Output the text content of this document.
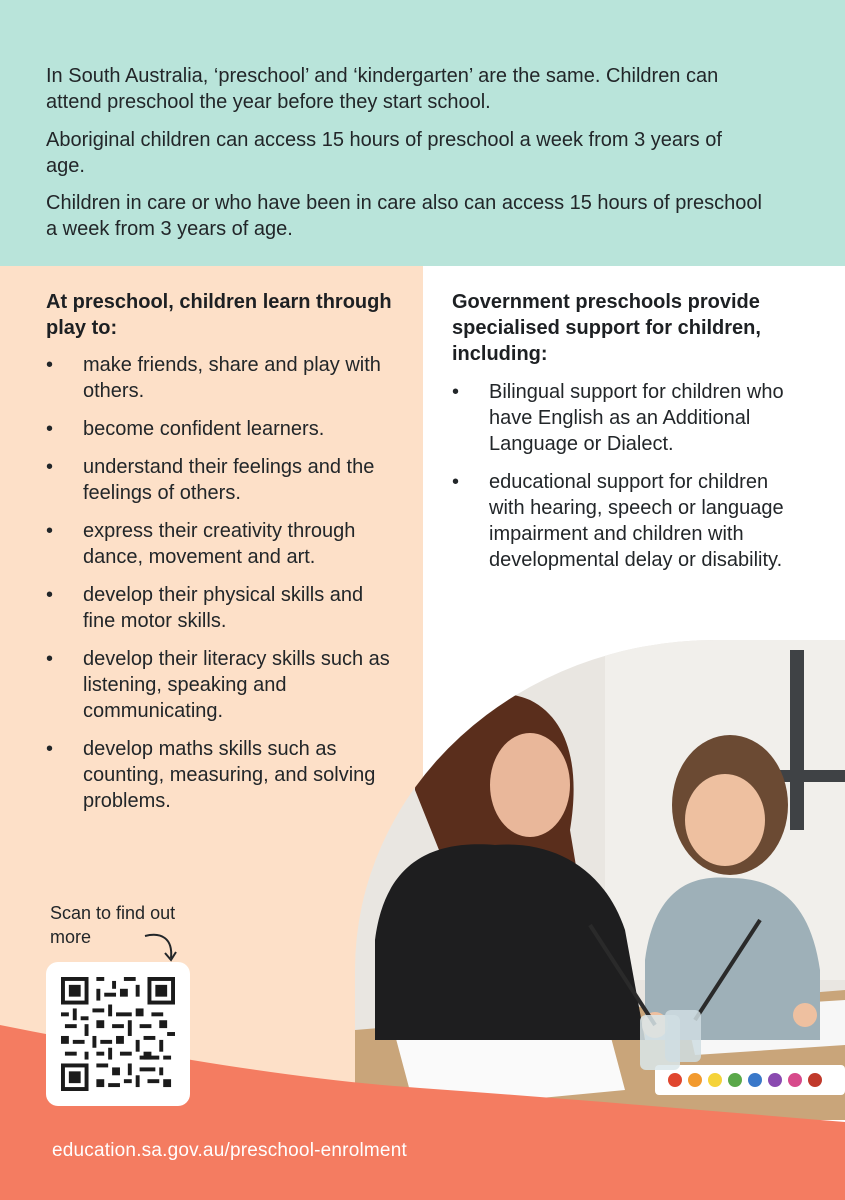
In South Australia, ‘preschool’ and ‘kindergarten’ are the same. Children can attend preschool the year before they start school.

Aboriginal children can access 15 hours of preschool a week from 3 years of age.

Children in care or who have been in care also can access 15 hours of preschool a week from 3 years of age.

At preschool, children learn through play to:
• make friends, share and play with others.
• become confident learners.
• understand their feelings and the feelings of others.
• express their creativity through dance, movement and art.
• develop their physical skills and fine motor skills.
• develop their literacy skills such as listening, speaking and communicating.
• develop maths skills such as counting, measuring, and solving problems.
Government preschools provide specialised support for children, including:
• Bilingual support for children who have English as an Additional Language or Dialect.
• educational support for children with hearing, speech or language impairment and children with developmental delay or disability.
Scan to find out more
education.sa.gov.au/preschool-enrolment
